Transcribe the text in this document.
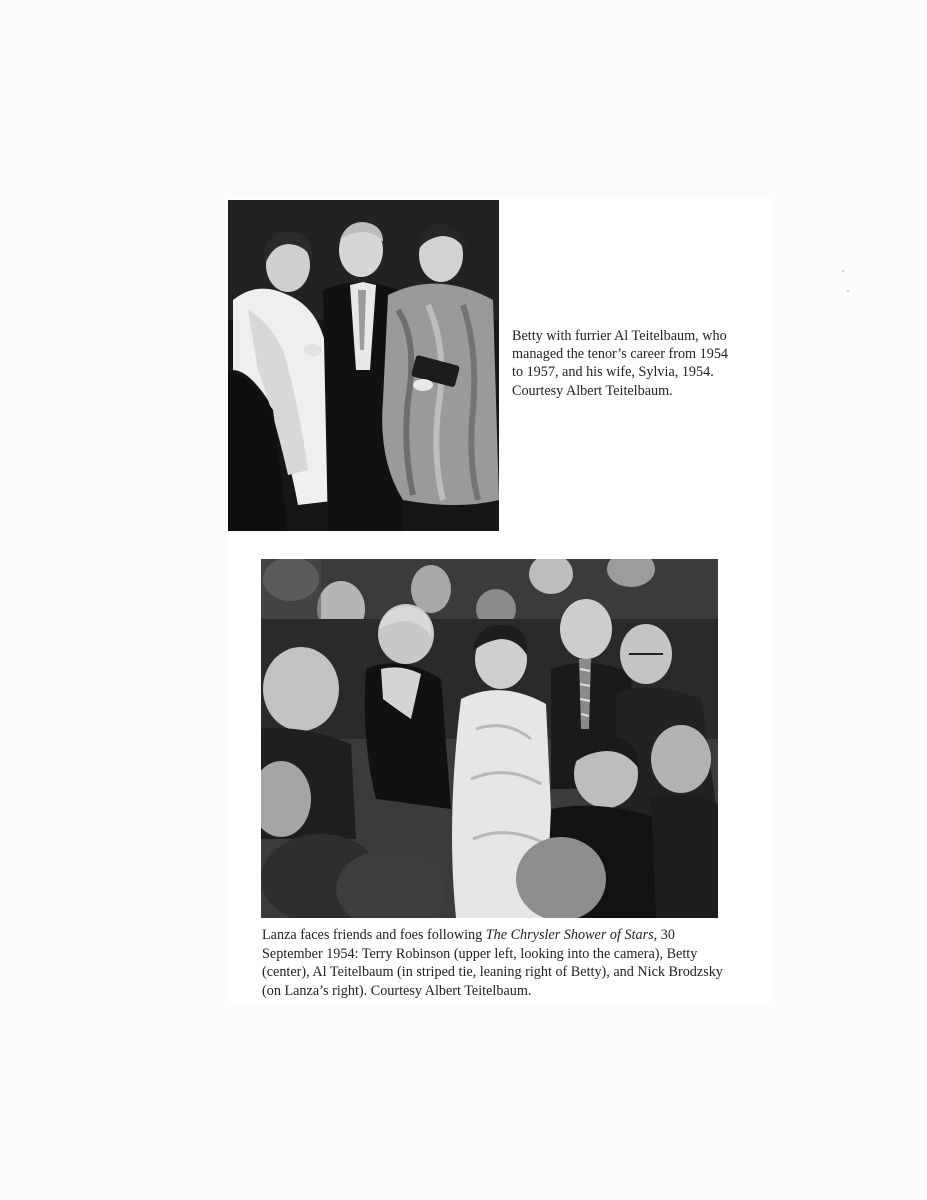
Betty with furrier Al Teitelbaum, who managed the tenor’s career from 1954 to 1957, and his wife, Sylvia, 1954. Courtesy Albert Teitelbaum.
Lanza faces friends and foes following The Chrysler Shower of Stars, 30 September 1954: Terry Robinson (upper left, looking into the camera), Betty (center), Al Teitelbaum (in striped tie, leaning right of Betty), and Nick Brodzsky (on Lanza’s right). Courtesy Albert Teitelbaum.
